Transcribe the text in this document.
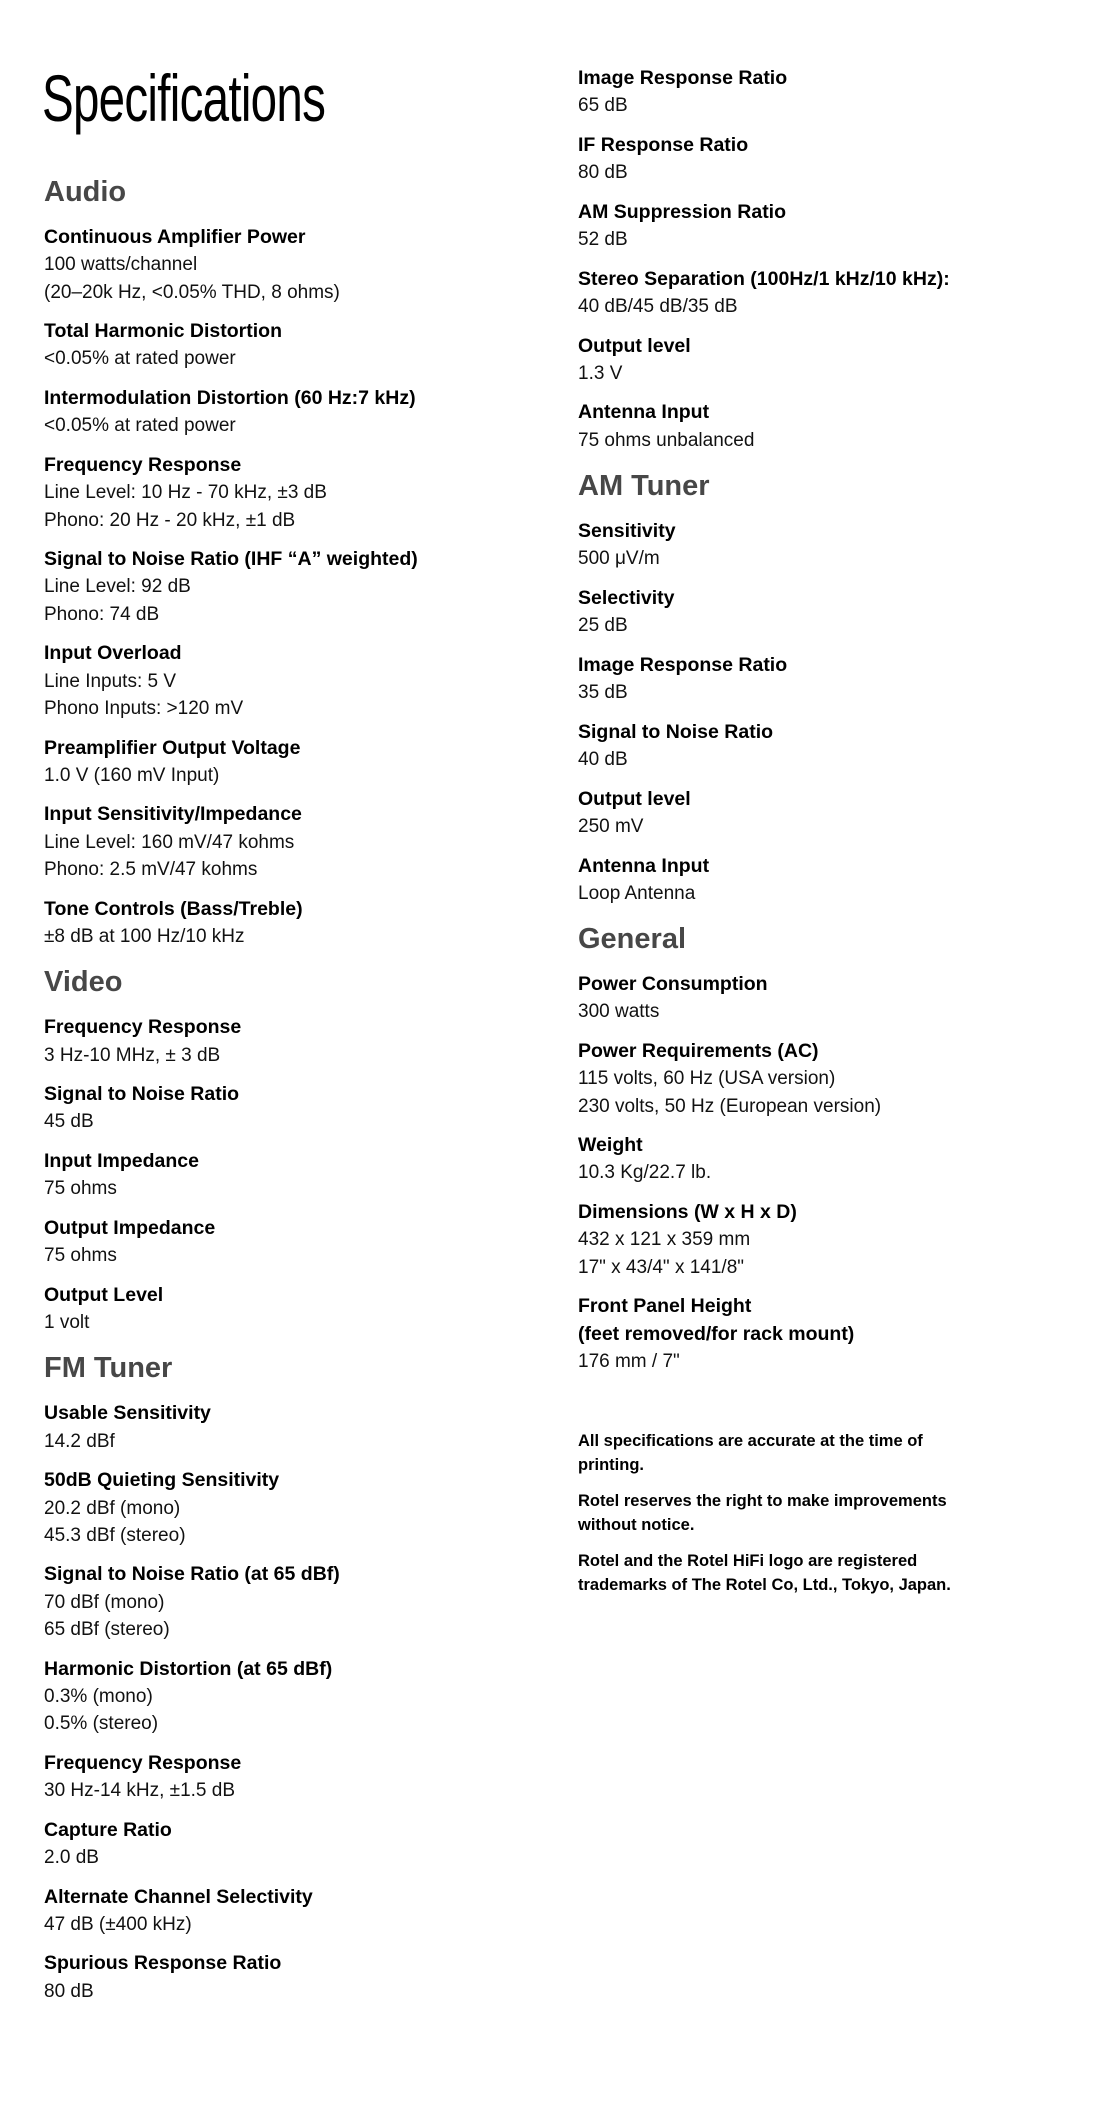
Specifications
Audio
Continuous Amplifier Power
100 watts/channel
(20–20k Hz, <0.05% THD, 8 ohms)
Total Harmonic Distortion
<0.05% at rated power
Intermodulation Distortion (60 Hz:7 kHz)
<0.05% at rated power
Frequency Response
Line Level: 10 Hz - 70 kHz, ±3 dB
Phono: 20 Hz - 20 kHz, ±1 dB
Signal to Noise Ratio (IHF “A” weighted)
Line Level: 92 dB
Phono: 74 dB
Input Overload
Line Inputs: 5 V
Phono Inputs: >120 mV
Preamplifier Output Voltage
1.0 V (160 mV Input)
Input Sensitivity/Impedance
Line Level: 160 mV/47 kohms
Phono: 2.5 mV/47 kohms
Tone Controls (Bass/Treble)
±8 dB at 100 Hz/10 kHz
Video
Frequency Response
3 Hz-10 MHz, ± 3 dB
Signal to Noise Ratio
45 dB
Input Impedance
75 ohms
Output Impedance
75 ohms
Output Level
1 volt
FM Tuner
Usable Sensitivity
14.2 dBf
50dB Quieting Sensitivity
20.2 dBf (mono)
45.3 dBf (stereo)
Signal to Noise Ratio (at 65 dBf)
70 dBf (mono)
65 dBf (stereo)
Harmonic Distortion (at 65 dBf)
0.3% (mono)
0.5% (stereo)
Frequency Response
30 Hz-14 kHz, ±1.5 dB
Capture Ratio
2.0 dB
Alternate Channel Selectivity
47 dB (±400 kHz)
Spurious Response Ratio
80 dB
Image Response Ratio
65 dB
IF Response Ratio
80 dB
AM Suppression Ratio
52 dB
Stereo Separation (100Hz/1 kHz/10 kHz):
40 dB/45 dB/35 dB
Output level
1.3 V
Antenna Input
75 ohms unbalanced
AM Tuner
Sensitivity
500 μV/m
Selectivity
25 dB
Image Response Ratio
35 dB
Signal to Noise Ratio
40 dB
Output level
250 mV
Antenna Input
Loop Antenna
General
Power Consumption
300 watts
Power Requirements (AC)
115 volts, 60 Hz (USA version)
230 volts, 50 Hz (European version)
Weight
10.3 Kg/22.7 lb.
Dimensions (W x H x D)
432 x 121 x 359 mm
17" x 43/4" x 141/8"
Front Panel Height
(feet removed/for rack mount)
176 mm / 7"
All specifications are accurate at the time of
printing.
Rotel reserves the right to make improvements
without notice.
Rotel and the Rotel HiFi logo are registered
trademarks of The Rotel Co, Ltd., Tokyo, Japan.
